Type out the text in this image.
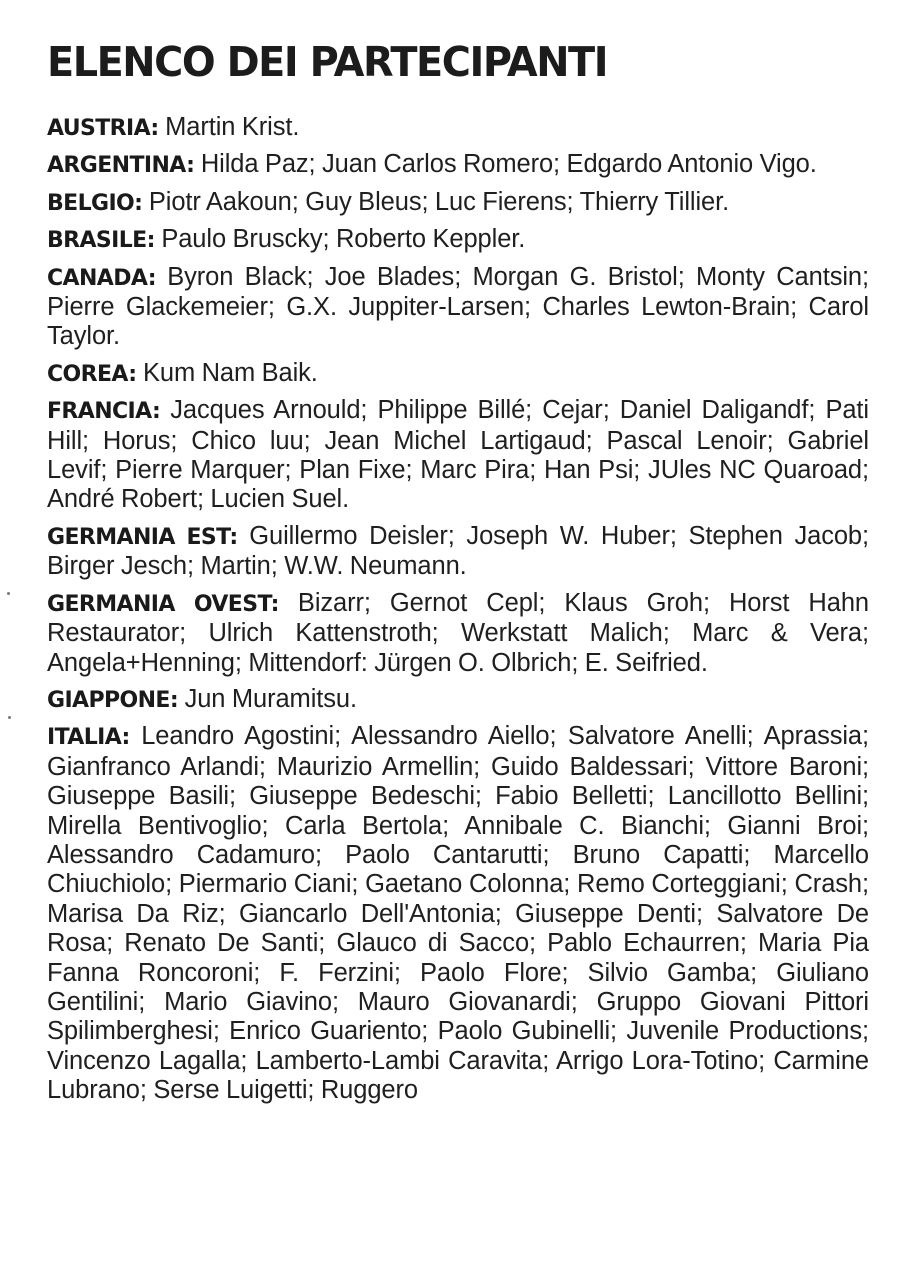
ELENCO DEI PARTECIPANTI
AUSTRIA: Martin Krist.
ARGENTINA: Hilda Paz; Juan Carlos Romero; Edgardo Antonio Vigo.
BELGIO: Piotr Aakoun; Guy Bleus; Luc Fierens; Thierry Tillier.
BRASILE: Paulo Bruscky; Roberto Keppler.
CANADA: Byron Black; Joe Blades; Morgan G. Bristol; Monty Cantsin; Pierre Glackemeier; G.X. Juppiter-Larsen; Charles Lewton-Brain; Carol Taylor.
COREA: Kum Nam Baik.
FRANCIA: Jacques Arnould; Philippe Billé; Cejar; Daniel Daligandf; Pati Hill; Horus; Chico luu; Jean Michel Lartigaud; Pascal Lenoir; Gabriel Levif; Pierre Marquer; Plan Fixe; Marc Pira; Han Psi; JUles NC Quaroad; André Robert; Lucien Suel.
GERMANIA EST: Guillermo Deisler; Joseph W. Huber; Stephen Jacob; Birger Jesch; Martin; W.W. Neumann.
GERMANIA OVEST: Bizarr; Gernot Cepl; Klaus Groh; Horst Hahn Restaurator; Ulrich Kattenstroth; Werkstatt Malich; Marc & Vera; Angela+Henning; Mittendorf: Jürgen O. Olbrich; E. Seifried.
GIAPPONE: Jun Muramitsu.
ITALIA: Leandro Agostini; Alessandro Aiello; Salvatore Anelli; Aprassia; Gianfranco Arlandi; Maurizio Armellin; Guido Baldessari; Vittore Baroni; Giuseppe Basili; Giuseppe Bedeschi; Fabio Belletti; Lancillotto Bellini; Mirella Bentivoglio; Carla Bertola; Annibale C. Bianchi; Gianni Broi; Alessandro Cadamuro; Paolo Cantarutti; Bruno Capatti; Marcello Chiuchiolo; Piermario Ciani; Gaetano Colonna; Remo Corteggiani; Crash; Marisa Da Riz; Giancarlo Dell'Antonia; Giuseppe Denti; Salvatore De Rosa; Renato De Santi; Glauco di Sacco; Pablo Echaurren; Maria Pia Fanna Roncoroni; F. Ferzini; Paolo Flore; Silvio Gamba; Giuliano Gentilini; Mario Giavino; Mauro Giovanardi; Gruppo Giovani Pittori Spilimberghesi; Enrico Guariento; Paolo Gubinelli; Juvenile Productions; Vincenzo Lagalla; Lamberto-Lambi Caravita; Arrigo Lora-Totino; Carmine Lubrano; Serse Luigetti; Ruggero
